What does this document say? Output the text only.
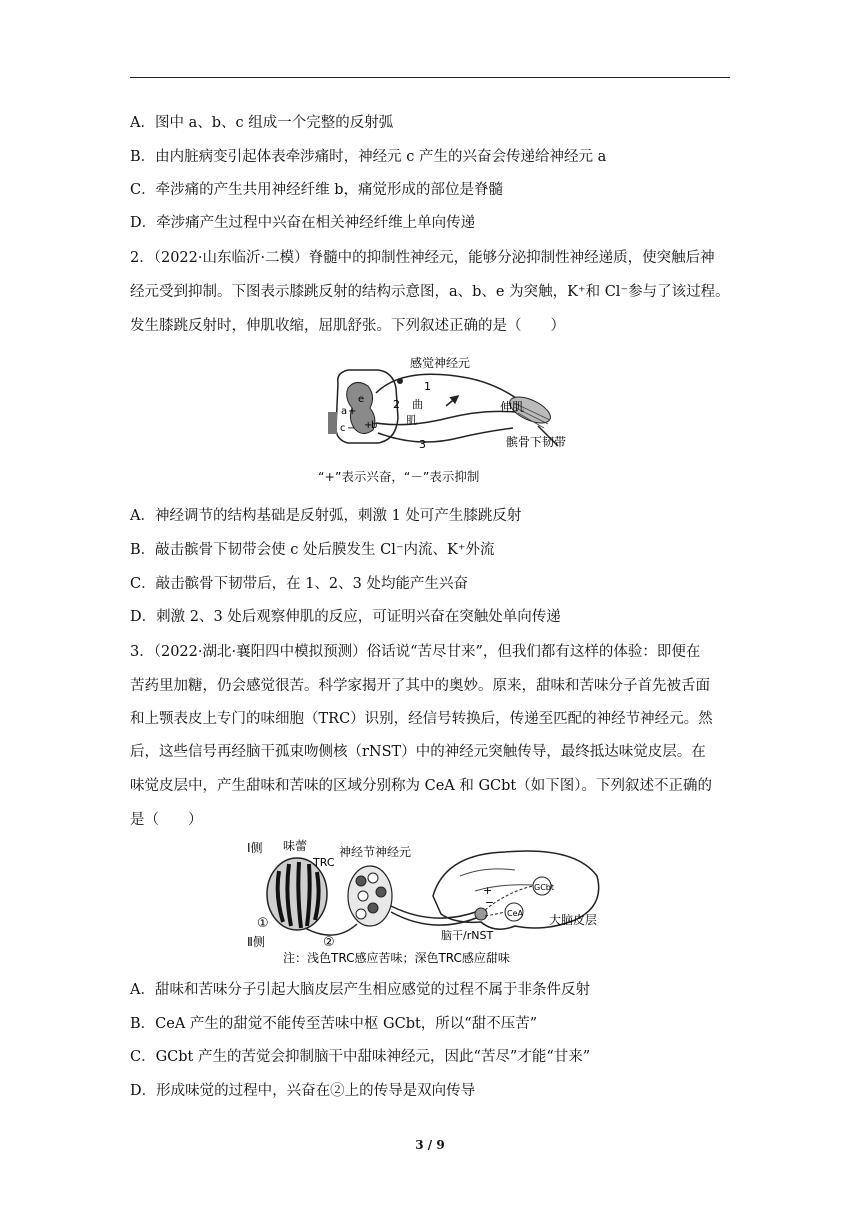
A．图中 a、b、c 组成一个完整的反射弧
B．由内脏病变引起体表牵涉痛时，神经元 c 产生的兴奋会传递给神经元 a
C．牵涉痛的产生共用神经纤维 b，痛觉形成的部位是脊髓
D．牵涉痛产生过程中兴奋在相关神经纤维上单向传递
2．（2022·山东临沂·二模）脊髓中的抑制性神经元，能够分泌抑制性神经递质，使突触后神
经元受到抑制。下图表示膝跳反射的结构示意图，a、b、e 为突触，K⁺和 Cl⁻参与了该过程。
发生膝跳反射时，伸肌收缩，屈肌舒张。下列叙述正确的是（　　）
感觉神经元
1
2
3
曲
肌
伸肌
髌骨下韧带
a +
c − +
b
e
“+”表示兴奋，“－”表示抑制
A．神经调节的结构基础是反射弧，刺激 1 处可产生膝跳反射
B．敲击髌骨下韧带会使 c 处后膜发生 Cl⁻内流、K⁺外流
C．敲击髌骨下韧带后，在 1、2、3 处均能产生兴奋
D．刺激 2、3 处后观察伸肌的反应，可证明兴奋在突触处单向传递
3．（2022·湖北·襄阳四中模拟预测）俗话说“苦尽甘来”，但我们都有这样的体验：即便在
苦药里加糖，仍会感觉很苦。科学家揭开了其中的奥妙。原来，甜味和苦味分子首先被舌面
和上颚表皮上专门的味细胞（TRC）识别，经信号转换后，传递至匹配的神经节神经元。然
后，这些信号再经脑干孤束吻侧核（rNST）中的神经元突触传导，最终抵达味觉皮层。在
味觉皮层中，产生甜味和苦味的区域分别称为 CeA 和 GCbt（如下图）。下列叙述不正确的
是（　　）
Ⅰ侧
Ⅱ侧
味蕾
TRC
神经节神经元
GCbt
CeA 大脑皮层
脑干/rNST
①
②
+
−
注：浅色TRC感应苦味；深色TRC感应甜味
A．甜味和苦味分子引起大脑皮层产生相应感觉的过程不属于非条件反射
B．CeA 产生的甜觉不能传至苦味中枢 GCbt，所以“甜不压苦”
C．GCbt 产生的苦觉会抑制脑干中甜味神经元，因此“苦尽”才能“甘来”
D．形成味觉的过程中，兴奋在②上的传导是双向传导
3 / 9
